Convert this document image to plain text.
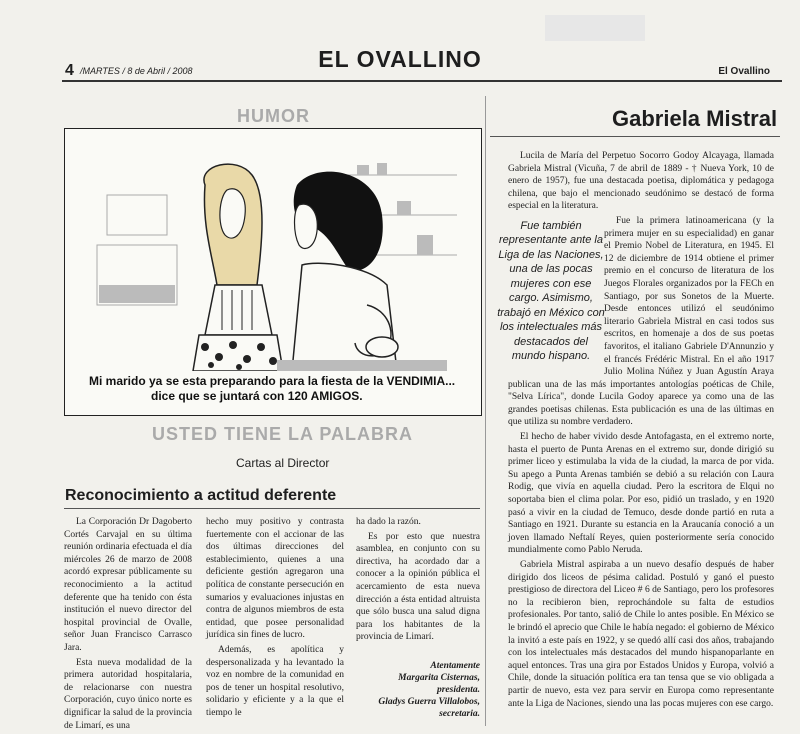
4 /MARTES / 8 de Abril / 2008	EL OVALLINO	El Ovallino
HUMOR
Mi marido ya se esta preparando para la fiesta de la VENDIMIA...
dice que se juntará con 120 AMIGOS.
USTED TIENE LA PALABRA
Cartas al Director
Reconocimiento a actitud deferente

La Corporación Dr Dagoberto Cortés Carvajal en su última reunión ordinaria efectuada el día miércoles 26 de marzo de 2008 acordó expresar públicamente su reconocimiento a la actitud deferente que ha tenido con ésta institución el nuevo director del hospital provincial de Ovalle, señor Juan Francisco Carrasco Jara.

Esta nueva modalidad de la primera autoridad hospitalaria, de relacionarse con nuestra Corporación, cuyo único norte es dignificar la salud de la provincia de Limarí, es una

hecho muy positivo y contrasta fuertemente con el accionar de las dos últimas direcciones del establecimiento, quienes a una deficiente gestión agregaron una política de constante persecución en sumarios y evaluaciones injustas en contra de algunos miembros de esta entidad, que posee personalidad jurídica sin fines de lucro.

Además, es apolítica y despersonalizada y ha levantado la voz en nombre de la comunidad en pos de tener un hospital resolutivo, solidario y eficiente y a la que el tiempo le

ha dado la razón.

Es por esto que nuestra asamblea, en conjunto con su directiva, ha acordado dar a conocer a la opinión pública el acercamiento de esta nueva dirección a ésta entidad altruista que sólo busca una salud digna para los habitantes de la provincia de Limarí.

Atentamente
Margarita Cisternas,
presidenta.
Gladys Guerra Villalobos,
secretaria.
Gabriela Mistral
Fue también representante ante la Liga de las Naciones, una de las pocas mujeres con ese cargo. Asimismo, trabajó en México con los intelectuales más destacados del mundo hispano.

Lucila de María del Perpetuo Socorro Godoy Alcayaga, llamada Gabriela Mistral (Vicuña, 7 de abril de 1889 - † Nueva York, 10 de enero de 1957), fue una destacada poetisa, diplomática y pedagoga chilena, que bajo el mencionado seudónimo se destacó de forma especial en la literatura.

Fue la primera latinoamericana (y la primera mujer en su especialidad) en ganar el Premio Nobel de Literatura, en 1945. El 12 de diciembre de 1914 obtiene el primer premio en el concurso de literatura de los Juegos Florales organizados por la FECh en Santiago, por sus Sonetos de la Muerte. Desde entonces utilizó el seudónimo literario Gabriela Mistral en casi todos sus escritos, en homenaje a dos de sus poetas favoritos, el italiano Gabriele D'Annunzio y el francés Frédéric Mistral. En el año 1917 Julio Molina Núñez y Juan Agustín Araya publican una de las más importantes antologías poéticas de Chile, "Selva Lírica", donde Lucila Godoy aparece ya como una de las grandes poetisas chilenas. Esta publicación es una de las últimas en que utiliza su nombre verdadero.

El hecho de haber vivido desde Antofagasta, en el extremo norte, hasta el puerto de Punta Arenas en el extremo sur, donde dirigió su primer liceo y estimulaba la vida de la ciudad, la marca de por vida. Su apego a Punta Arenas también se debió a su relación con Laura Rodig, que vivía en aquella ciudad. Pero la escritora de Elqui no soportaba bien el clima polar. Por eso, pidió un traslado, y en 1920 pasó a vivir en la ciudad de Temuco, desde donde partió en ruta a Santiago en 1921. Durante su estancia en la Araucanía conoció a un joven llamado Neftalí Reyes, quien posteriormente sería conocido mundialmente como Pablo Neruda.

Gabriela Mistral aspiraba a un nuevo desafío después de haber dirigido dos liceos de pésima calidad. Postuló y ganó el puesto prestigioso de directora del Liceo # 6 de Santiago, pero los profesores no la recibieron bien, reprochándole su falta de estudios profesionales. Por tanto, salió de Chile lo antes posible. En México se le brindó el aprecio que Chile le había negado: el gobierno de México la invitó a este país en 1922, y se quedó allí casi dos años, trabajando con los intelectuales más destacados del mundo hispanoparlante en aquel entonces. Tras una gira por Estados Unidos y Europa, volvió a Chile, donde la situación política era tan tensa que se vio obligada a partir de nuevo, esta vez para servir en Europa como representante ante la Liga de Naciones, siendo una las pocas mujeres con ese cargo.
